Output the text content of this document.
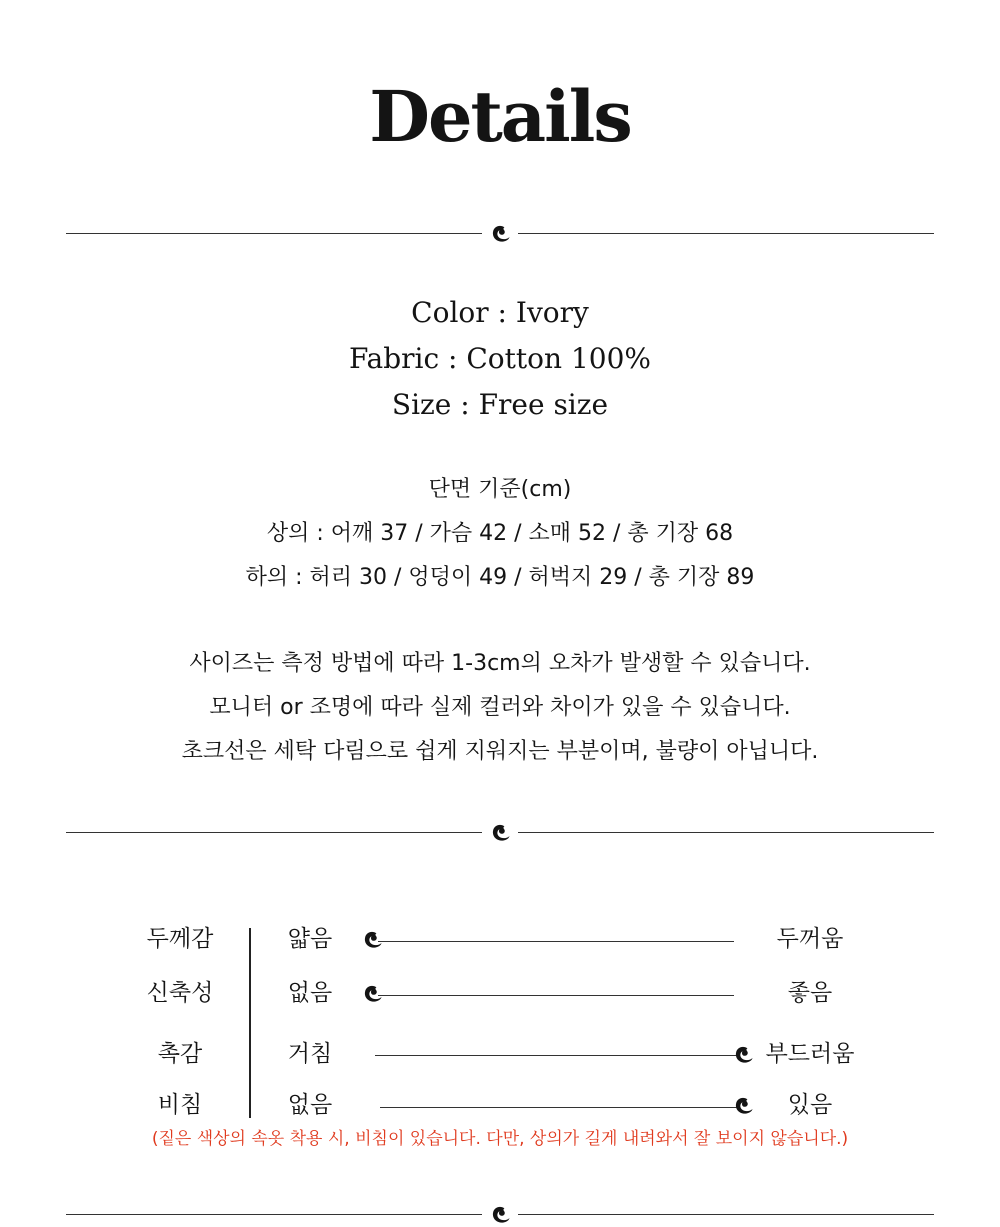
Details
Color : Ivory
Fabric : Cotton 100%
Size : Free size
단면 기준(cm)
상의 : 어깨 37 / 가슴 42 / 소매 52 / 총 기장 68
하의 : 허리 30 / 엉덩이 49 / 허벅지 29 / 총 기장 89
사이즈는 측정 방법에 따라 1-3cm의 오차가 발생할 수 있습니다.
모니터 or 조명에 따라 실제 컬러와 차이가 있을 수 있습니다.
초크선은 세탁 다림으로 쉽게 지워지는 부분이며, 불량이 아닙니다.
두께감	얇음	두꺼움
신축성	없음	좋음
촉감	거침	부드러움
비침	없음	있음
(짙은 색상의 속옷 착용 시, 비침이 있습니다. 다만, 상의가 길게 내려와서 잘 보이지 않습니다.)
